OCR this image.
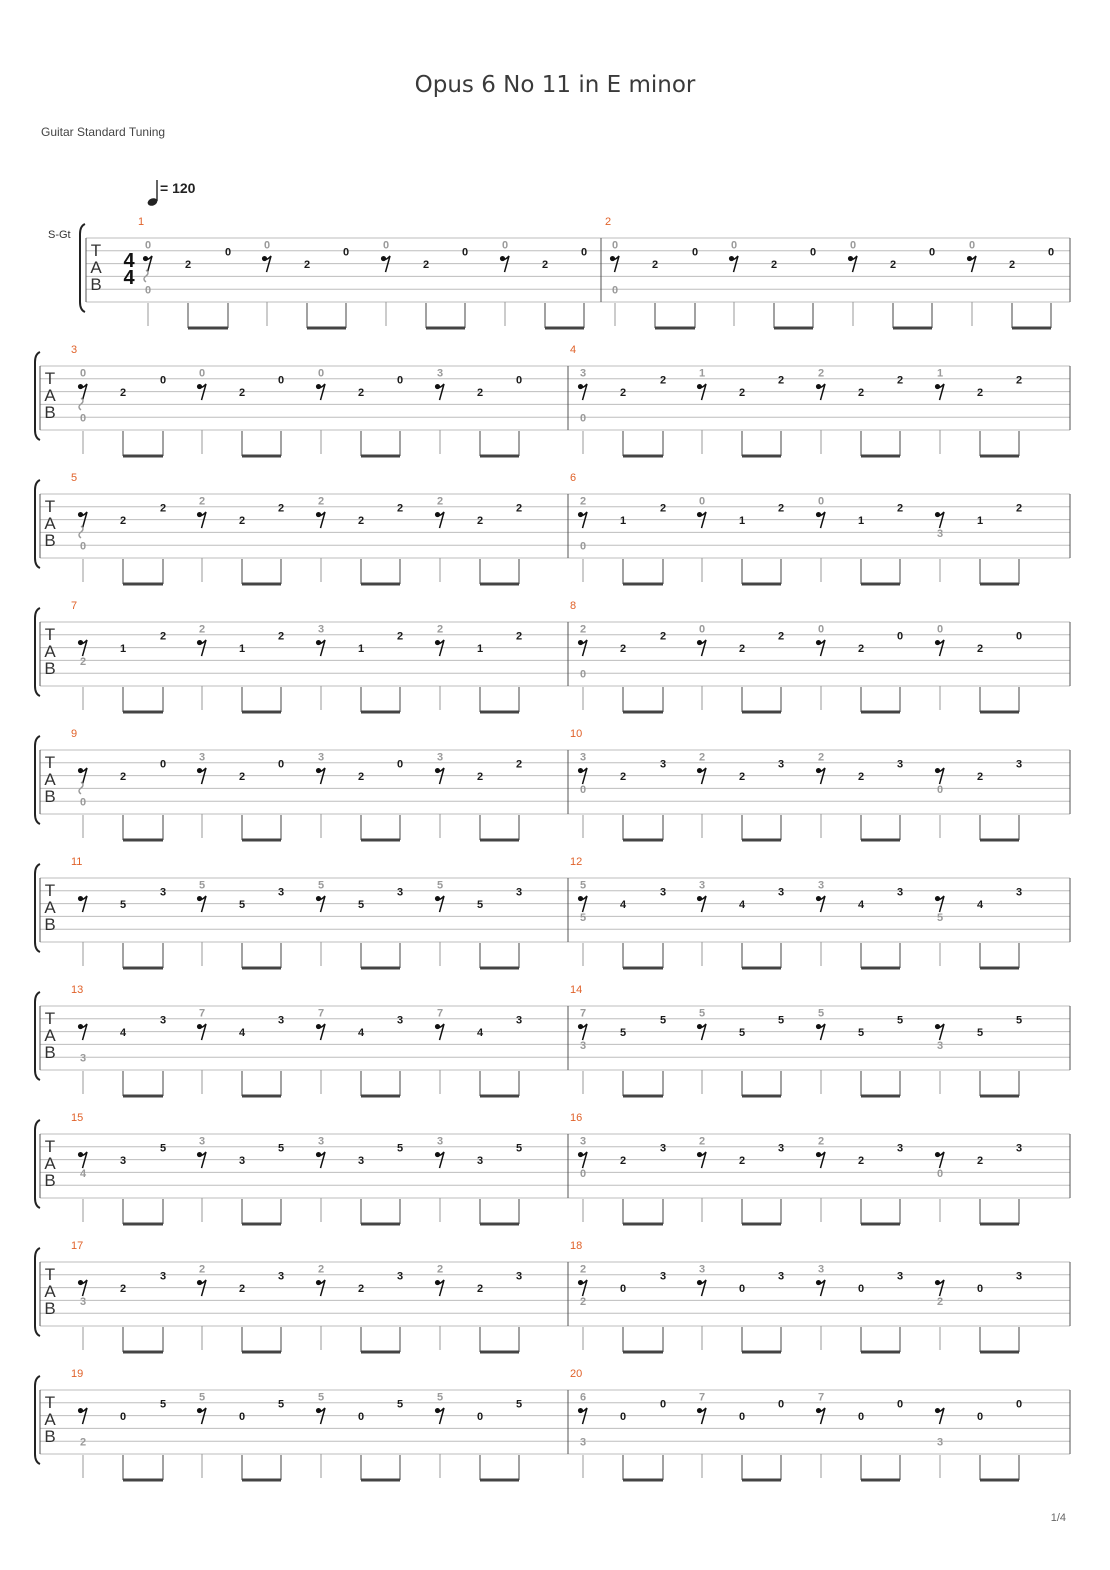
Opus 6 No 11 in E minor
Guitar Standard Tuning
= 120
S-Gt
1/4
T
A
B
4
4
1
0
0
2
0
0
2
0
0
2
0
0
2
0
2
0
0
2
0
0
2
0
0
2
0
0
2
0
T
A
B
3
0
0
2
0
0
2
0
0
2
0
3
2
0
4
3
0
2
2
1
2
2
2
2
2
1
2
2
T
A
B
5
0
2
2
2
2
2
2
2
2
2
2
2
6
2
0
1
2
0
1
2
0
1
2
3
1
2
T
A
B
7
2
1
2
2
1
2
3
1
2
2
1
2
8
2
0
2
2
0
2
2
0
2
0
0
2
0
T
A
B
9
0
2
0
3
2
0
3
2
0
3
2
2
10
3
0
2
3
2
2
3
2
2
3
0
2
3
T
A
B
11
5
3
5
5
3
5
5
3
5
5
3
12
5
5
4
3
3
4
3
3
4
3
5
4
3
T
A
B
13
3
4
3
7
4
3
7
4
3
7
4
3
14
7
3
5
5
5
5
5
5
5
5
3
5
5
T
A
B
15
4
3
5
3
3
5
3
3
5
3
3
5
16
3
0
2
3
2
2
3
2
2
3
0
2
3
T
A
B
17
3
2
3
2
2
3
2
2
3
2
2
3
18
2
2
0
3
3
0
3
3
0
3
2
0
3
T
A
B
19
2
0
5
5
0
5
5
0
5
5
0
5
20
6
3
0
0
7
0
0
7
0
0
3
0
0
